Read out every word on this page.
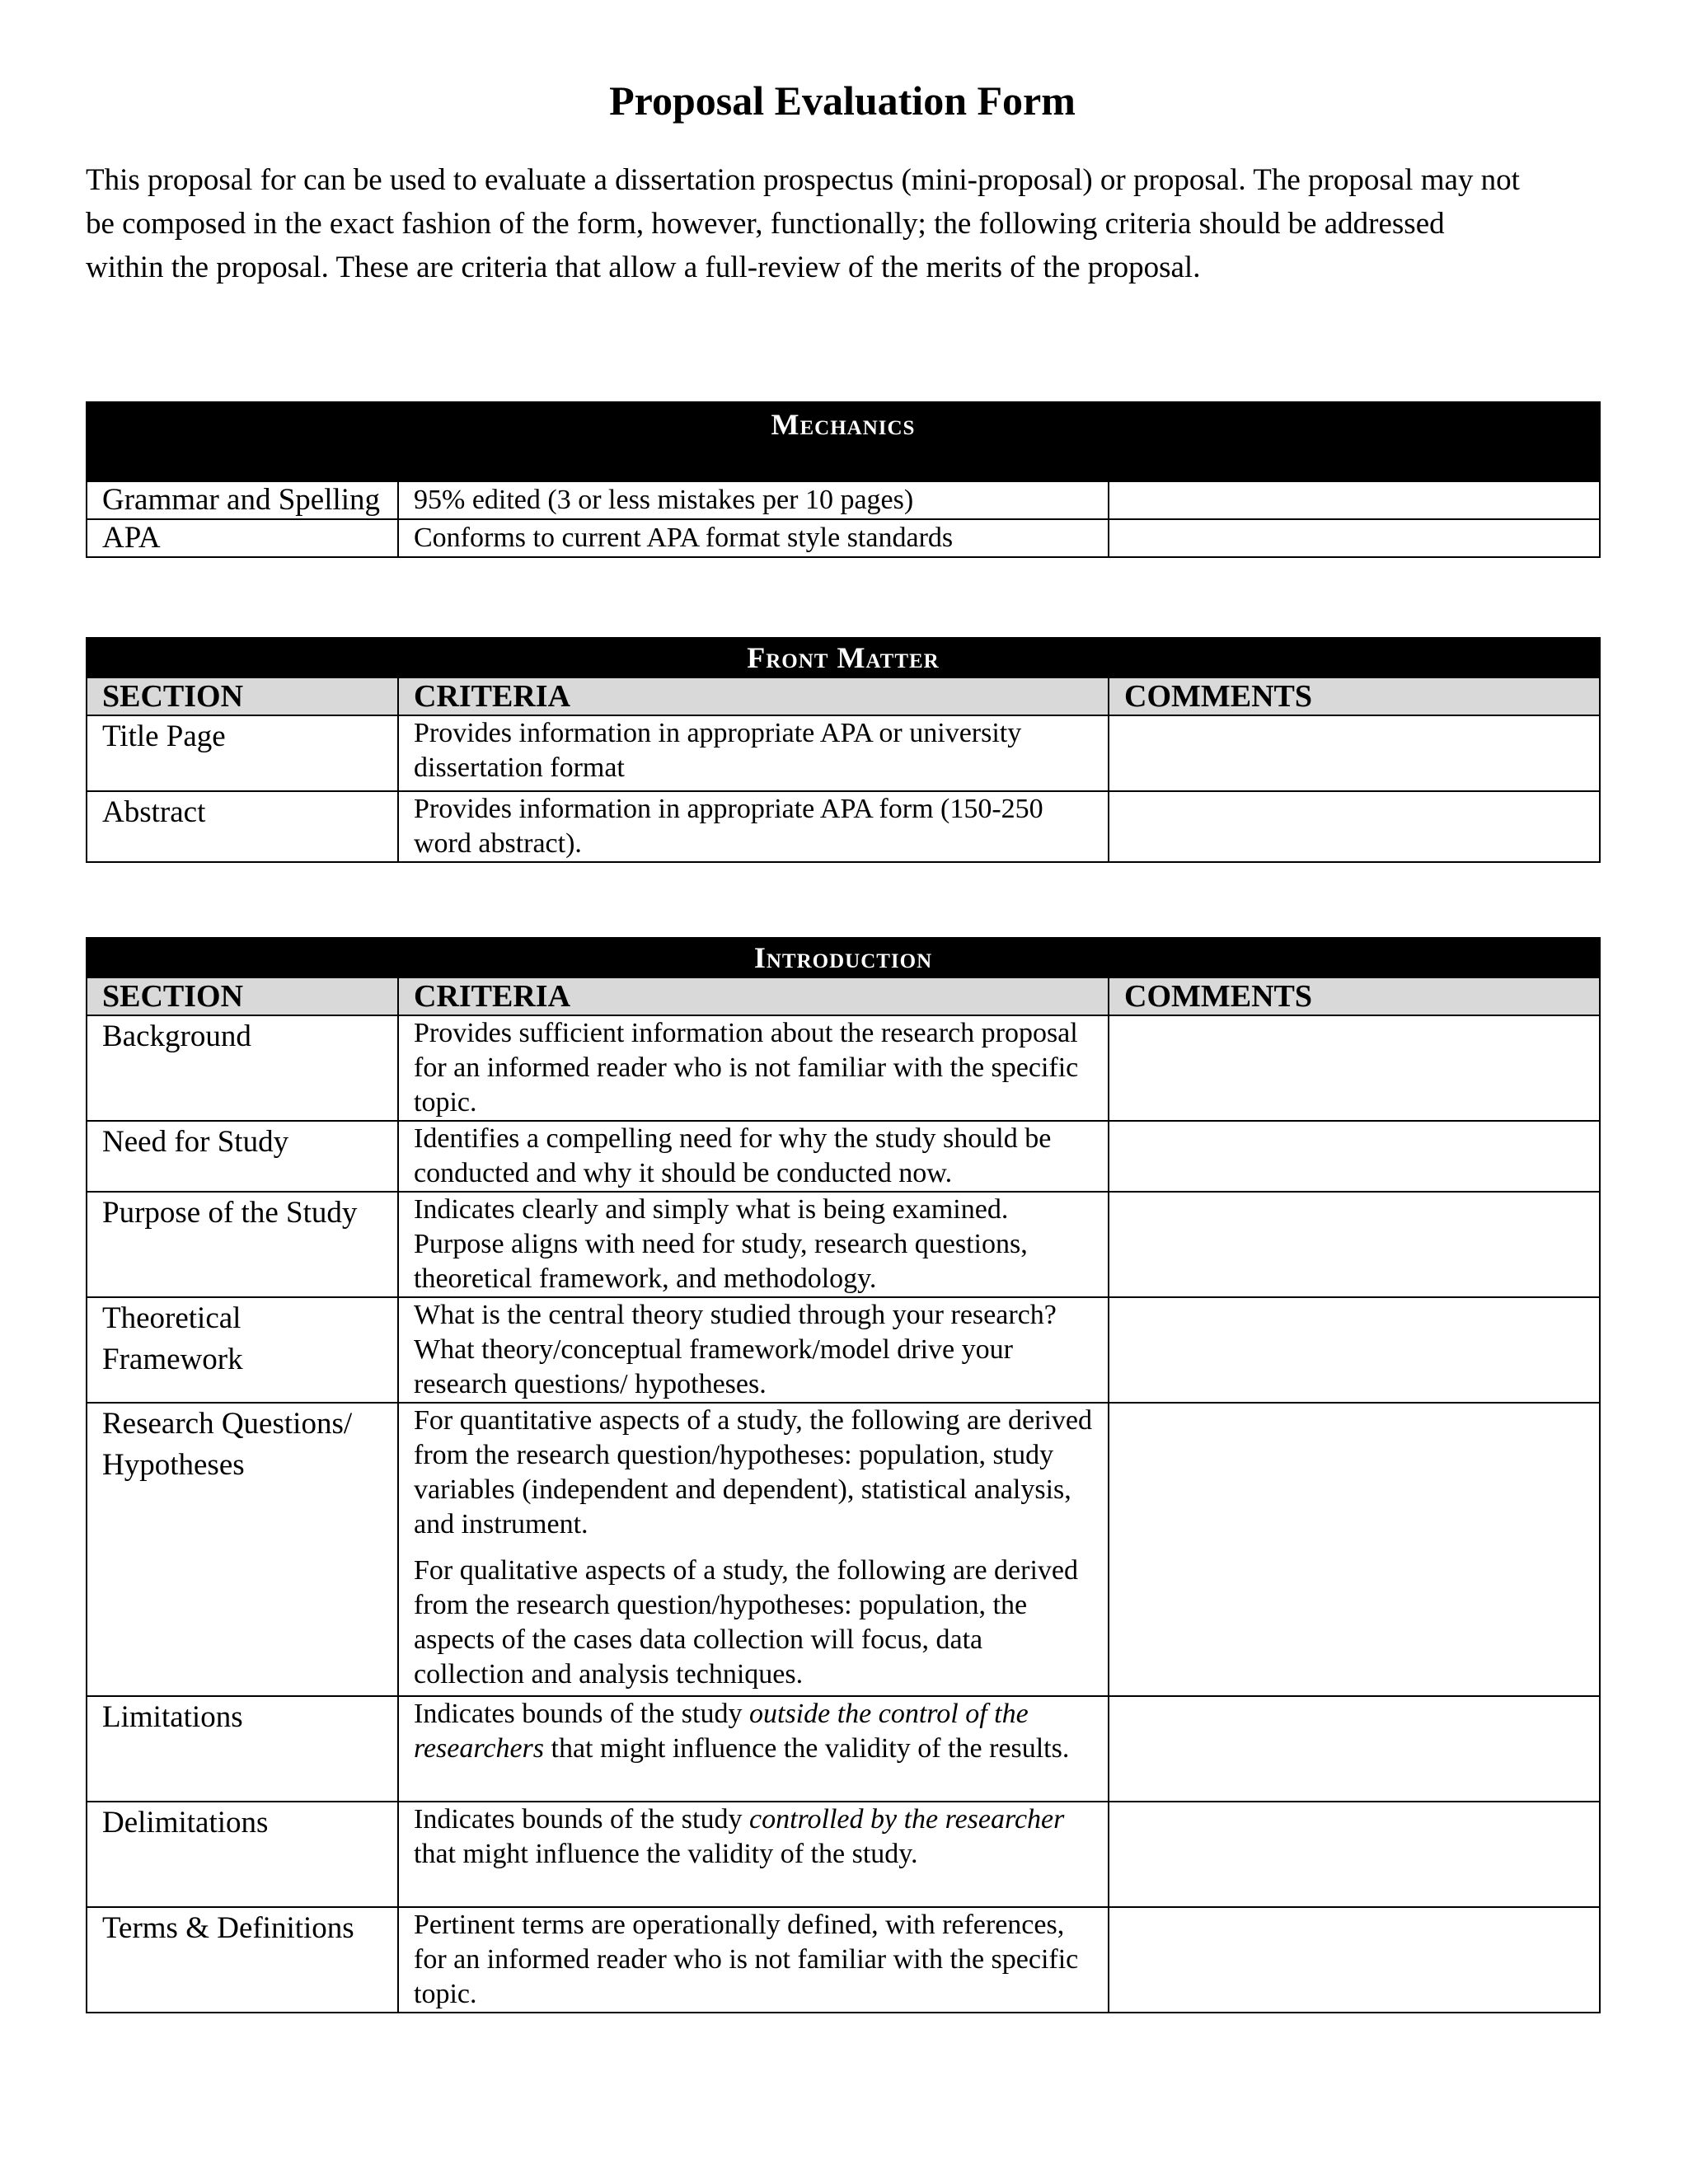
Proposal Evaluation Form
This proposal for can be used to evaluate a dissertation prospectus (mini-proposal) or proposal. The proposal may not be composed in the exact fashion of the form, however, functionally; the following criteria should be addressed within the proposal. These are criteria that allow a full-review of the merits of the proposal.
Mechanics		
Grammar and Spelling	95% edited (3 or less mistakes per 10 pages)	
APA	Conforms to current APA format style standards	
Front Matter		
SECTION	CRITERIA	COMMENTS
Title Page	Provides information in appropriate APA or university dissertation format	
Abstract	Provides information in appropriate APA form (150-250 word abstract).	
Introduction		
SECTION	CRITERIA	COMMENTS
Background	Provides sufficient information about the research proposal for an informed reader who is not familiar with the specific topic.	
Need for Study	Identifies a compelling need for why the study should be conducted and why it should be conducted now.	
Purpose of the Study	Indicates clearly and simply what is being examined. Purpose aligns with need for study, research questions, theoretical framework, and methodology.	
Theoretical Framework	What is the central theory studied through your research? What theory/conceptual framework/model drive your research questions/ hypotheses.	
Research Questions/ Hypotheses	For quantitative aspects of a study, the following are derived from the research question/hypotheses: population, study variables (independent and dependent), statistical analysis, and instrument.

For qualitative aspects of a study, the following are derived from the research question/hypotheses: population, the aspects of the cases data collection will focus, data collection and analysis techniques.	

Limitations	Indicates bounds of the study outside the control of the researchers that might influence the validity of the results.	
Delimitations	Indicates bounds of the study controlled by the researcher that might influence the validity of the study.	
Terms & Definitions	Pertinent terms are operationally defined, with references, for an informed reader who is not familiar with the specific topic.	
